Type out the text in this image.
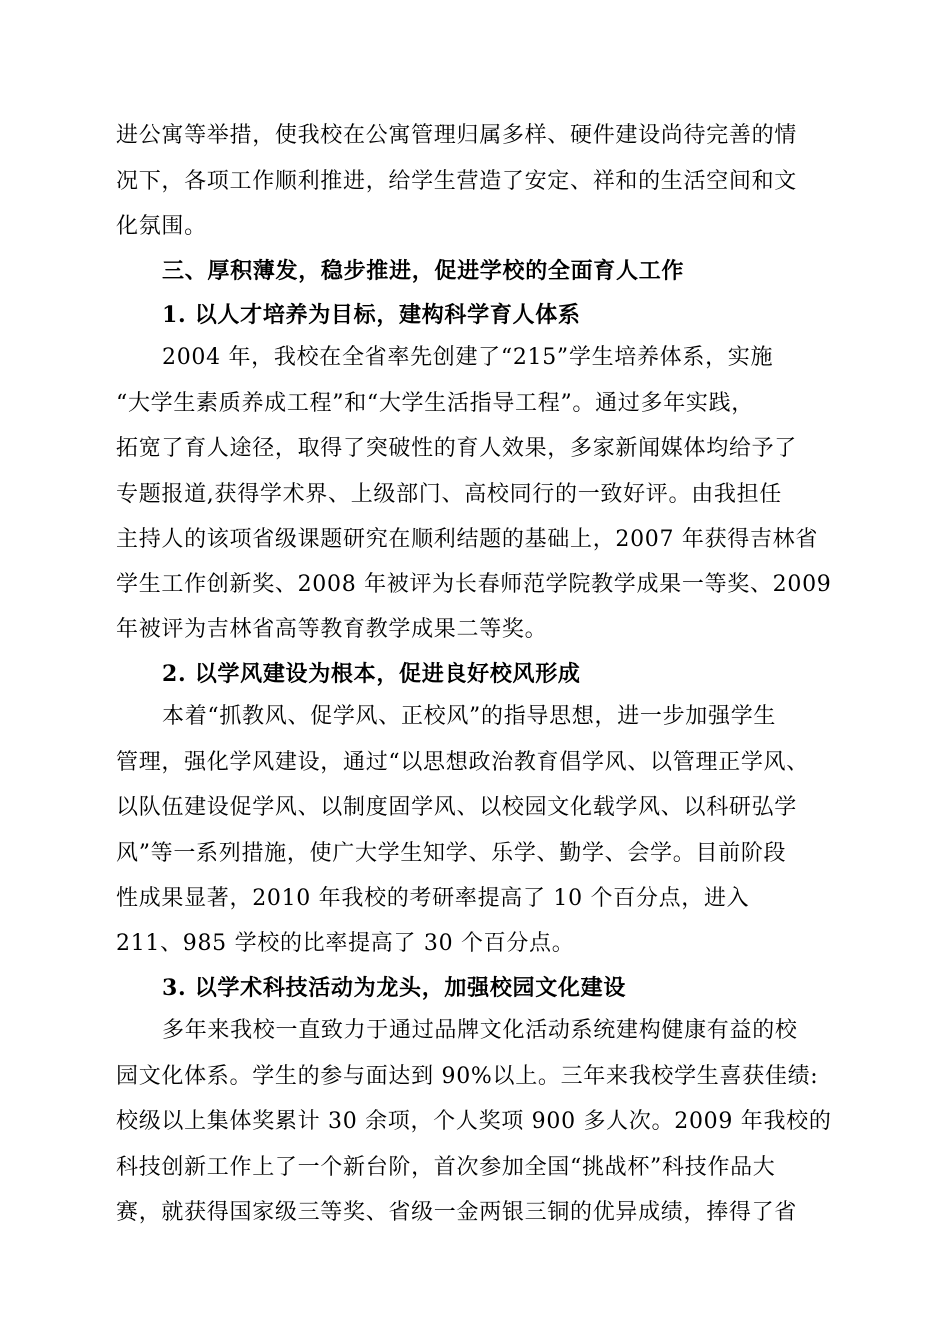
进公寓等举措，使我校在公寓管理归属多样、硬件建设尚待完善的情
况下，各项工作顺利推进，给学生营造了安定、祥和的生活空间和文
化氛围。
三、厚积薄发，稳步推进，促进学校的全面育人工作
1. 以人才培养为目标，建构科学育人体系
2004 年，我校在全省率先创建了“215”学生培养体系，实施
“大学生素质养成工程”和“大学生活指导工程”。通过多年实践，
拓宽了育人途径，取得了突破性的育人效果，多家新闻媒体均给予了
专题报道,获得学术界、上级部门、高校同行的一致好评。由我担任
主持人的该项省级课题研究在顺利结题的基础上，2007 年获得吉林省
学生工作创新奖、2008 年被评为长春师范学院教学成果一等奖、2009
年被评为吉林省高等教育教学成果二等奖。
2. 以学风建设为根本，促进良好校风形成
本着“抓教风、促学风、正校风”的指导思想，进一步加强学生
管理，强化学风建设，通过“以思想政治教育倡学风、以管理正学风、
以队伍建设促学风、以制度固学风、以校园文化载学风、以科研弘学
风”等一系列措施，使广大学生知学、乐学、勤学、会学。目前阶段
性成果显著，2010 年我校的考研率提高了 10 个百分点，进入
211、985 学校的比率提高了 30 个百分点。
3. 以学术科技活动为龙头，加强校园文化建设
多年来我校一直致力于通过品牌文化活动系统建构健康有益的校
园文化体系。学生的参与面达到 90%以上。三年来我校学生喜获佳绩:
校级以上集体奖累计 30 余项，个人奖项 900 多人次。2009 年我校的
科技创新工作上了一个新台阶，首次参加全国“挑战杯”科技作品大
赛，就获得国家级三等奖、省级一金两银三铜的优异成绩，捧得了省
